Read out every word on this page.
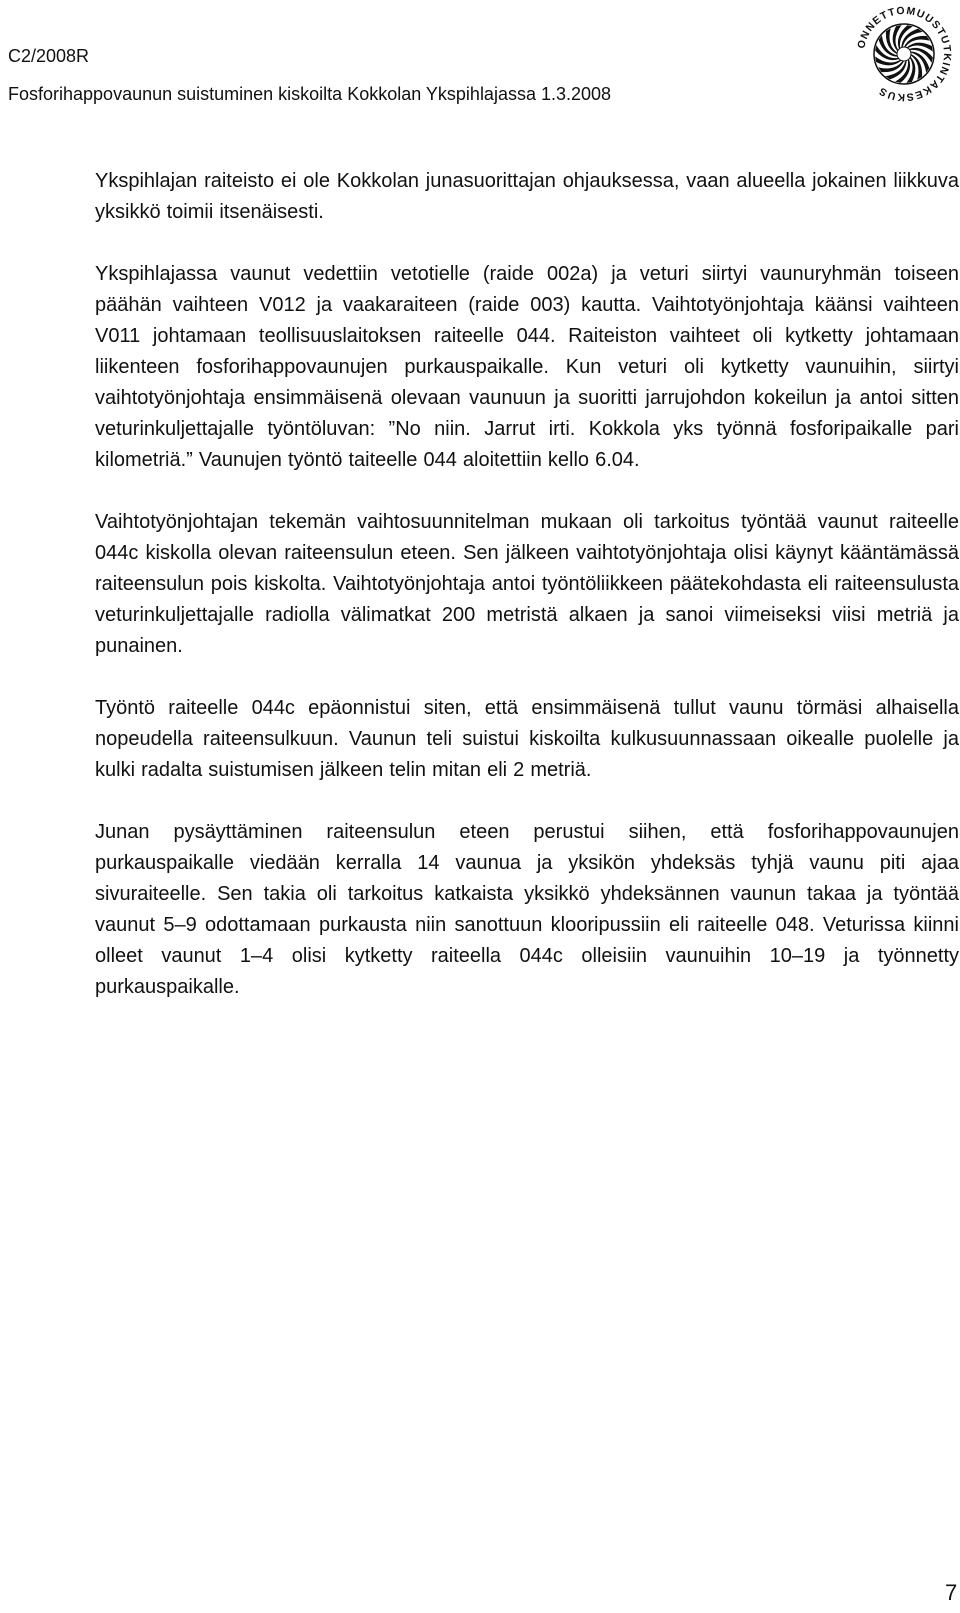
C2/2008R

Fosforihappovaunun suistuminen kiskoilta Kokkolan Ykspihlajassa 1.3.2008

ONNETTOMUUSTUTKINTAKESKUS

Ykspihlajan raiteisto ei ole Kokkolan junasuorittajan ohjauksessa, vaan alueella jokainen liikkuva yksikkö toimii itsenäisesti.

Ykspihlajassa vaunut vedettiin vetotielle (raide 002a) ja veturi siirtyi vaunuryhmän toiseen päähän vaihteen V012 ja vaakaraiteen (raide 003) kautta. Vaihtotyönjohtaja käänsi vaihteen V011 johtamaan teollisuuslaitoksen raiteelle 044. Raiteiston vaihteet oli kytketty johtamaan liikenteen fosforihappovaunujen purkauspaikalle. Kun veturi oli kytketty vaunuihin, siirtyi vaihtotyönjohtaja ensimmäisenä olevaan vaunuun ja suoritti jarrujohdon kokeilun ja antoi sitten veturinkuljettajalle työntöluvan: ”No niin. Jarrut irti. Kokkola yks työnnä fosforipaikalle pari kilometriä.” Vaunujen työntö taiteelle 044 aloitettiin kello 6.04.

Vaihtotyönjohtajan tekemän vaihtosuunnitelman mukaan oli tarkoitus työntää vaunut raiteelle 044c kiskolla olevan raiteensulun eteen. Sen jälkeen vaihtotyönjohtaja olisi käynyt kääntämässä raiteensulun pois kiskolta. Vaihtotyönjohtaja antoi työntöliikkeen päätekohdasta eli raiteensulusta veturinkuljettajalle radiolla välimatkat 200 metristä alkaen ja sanoi viimeiseksi viisi metriä ja punainen.

Työntö raiteelle 044c epäonnistui siten, että ensimmäisenä tullut vaunu törmäsi alhaisella nopeudella raiteensulkuun. Vaunun teli suistui kiskoilta kulkusuunnassaan oikealle puolelle ja kulki radalta suistumisen jälkeen telin mitan eli 2 metriä.

Junan pysäyttäminen raiteensulun eteen perustui siihen, että fosforihappovaunujen purkauspaikalle viedään kerralla 14 vaunua ja yksikön yhdeksäs tyhjä vaunu piti ajaa sivuraiteelle. Sen takia oli tarkoitus katkaista yksikkö yhdeksännen vaunun takaa ja työntää vaunut 5–9 odottamaan purkausta niin sanottuun klooripussiin eli raiteelle 048. Veturissa kiinni olleet vaunut 1–4 olisi kytketty raiteella 044c olleisiin vaunuihin 10–19 ja työnnetty purkauspaikalle.

7
